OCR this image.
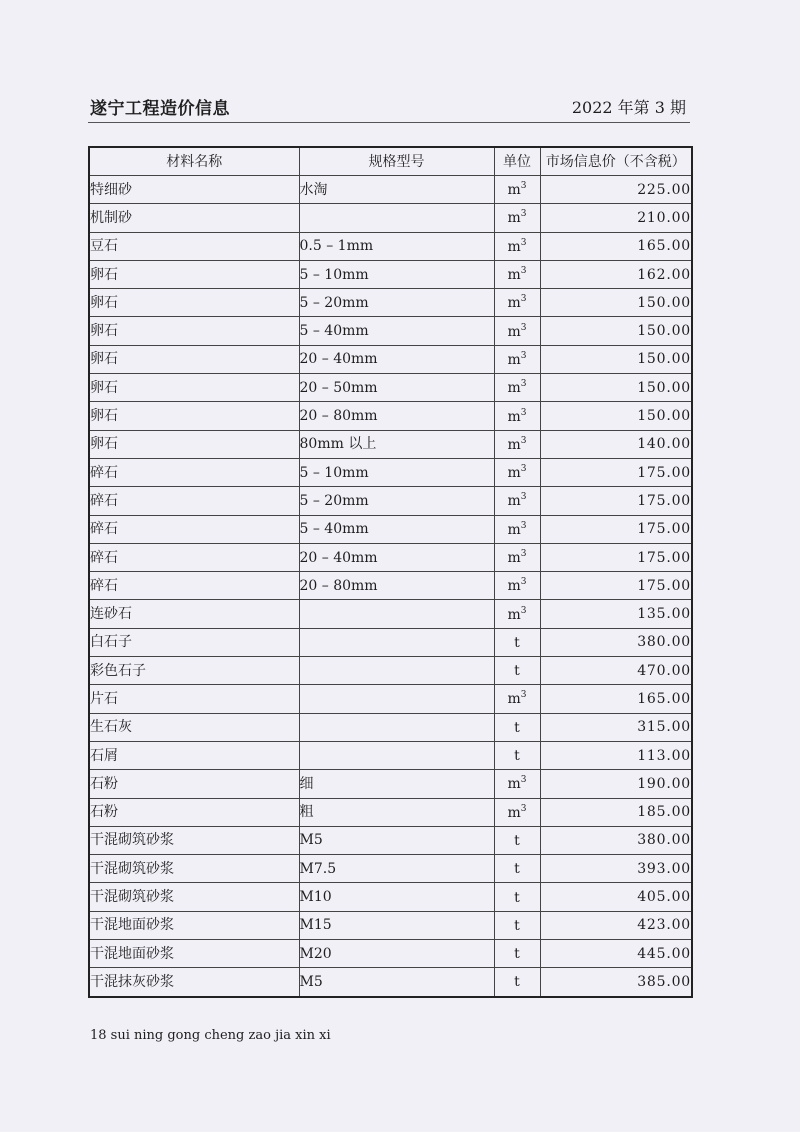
遂宁工程造价信息	2022 年第 3 期
材料名称	规格型号	单位	市场信息价（不含税）
特细砂	水淘	$m^3$	225.00
机制砂		$m^3$	210.00
豆石	0.5 – 1mm	$m^3$	165.00
卵石	5 – 10mm	$m^3$	162.00
卵石	5 – 20mm	$m^3$	150.00
卵石	5 – 40mm	$m^3$	150.00
卵石	20 – 40mm	$m^3$	150.00
卵石	20 – 50mm	$m^3$	150.00
卵石	20 – 80mm	$m^3$	150.00
卵石	80mm 以上	$m^3$	140.00
碎石	5 – 10mm	$m^3$	175.00
碎石	5 – 20mm	$m^3$	175.00
碎石	5 – 40mm	$m^3$	175.00
碎石	20 – 40mm	$m^3$	175.00
碎石	20 – 80mm	$m^3$	175.00
连砂石		$m^3$	135.00
白石子		t	380.00
彩色石子		t	470.00
片石		$m^3$	165.00
生石灰		t	315.00
石屑		t	113.00
石粉	细	$m^3$	190.00
石粉	粗	$m^3$	185.00
干混砌筑砂浆	M5	t	380.00
干混砌筑砂浆	M7.5	t	393.00
干混砌筑砂浆	M10	t	405.00
干混地面砂浆	M15	t	423.00
干混地面砂浆	M20	t	445.00
干混抹灰砂浆	M5	t	385.00
18 sui ning gong cheng zao jia xin xi
